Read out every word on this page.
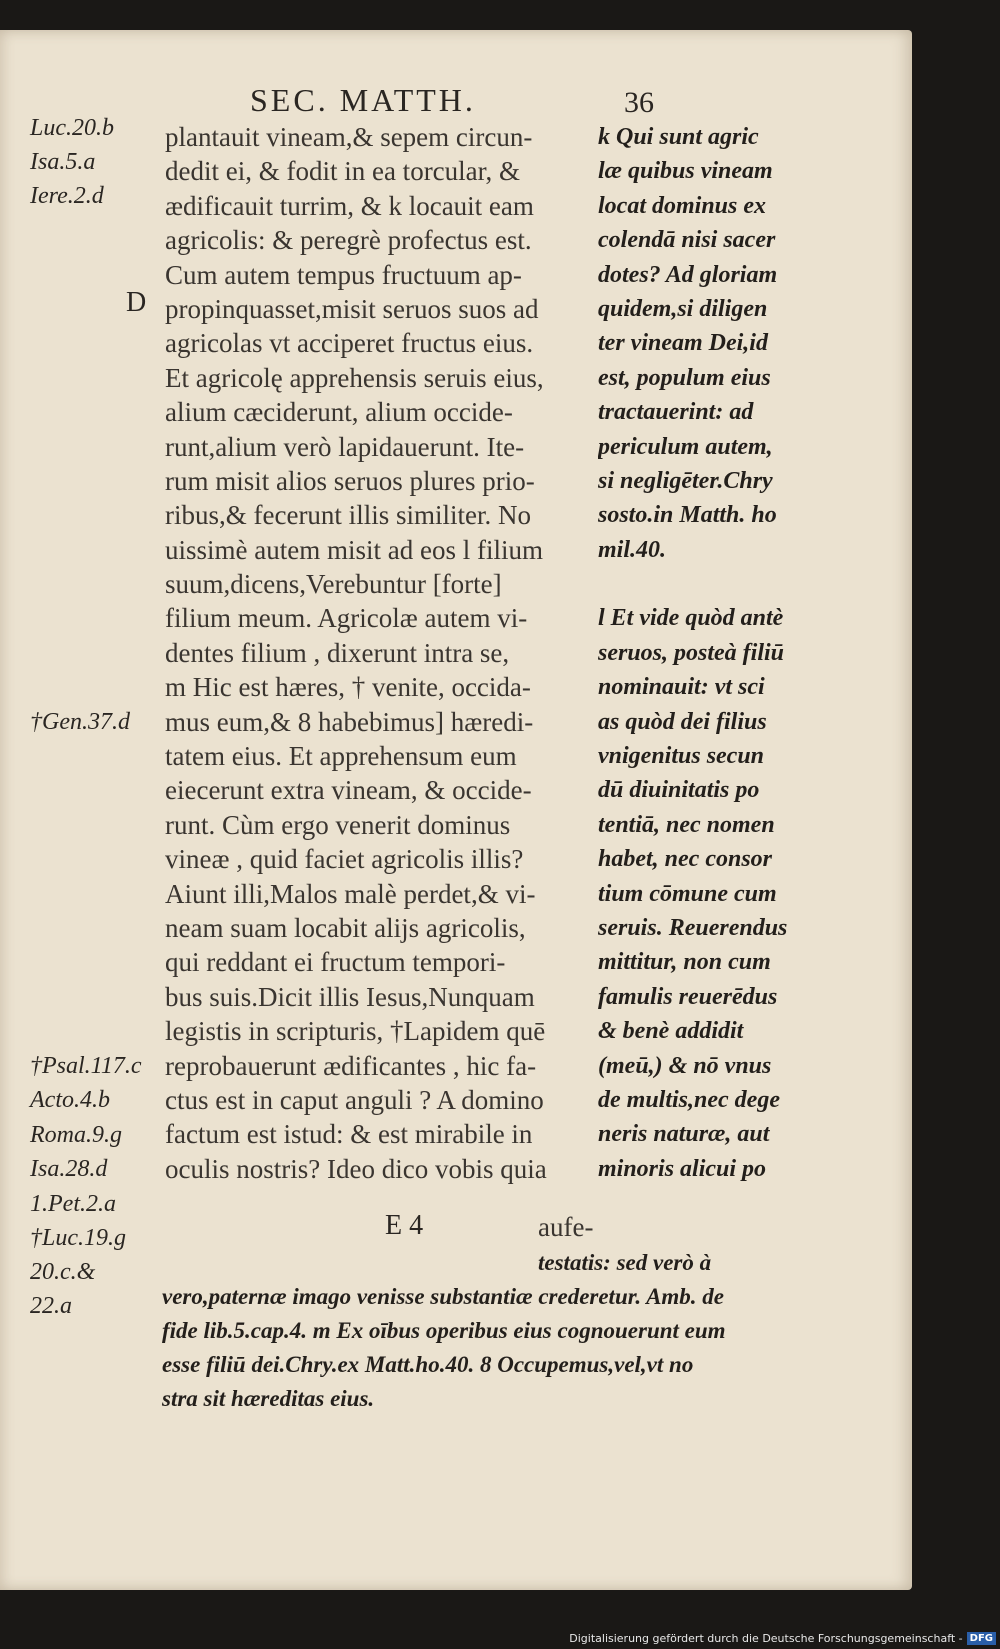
SEC. MATTH.	36
Luc.20.b
Isa.5.a
Iere.2.d
†Gen.37.d
†Psal.117.c
Acto.4.b
Roma.9.g
Isa.28.d
1.Pet.2.a
†Luc.19.g
20.c.&
22.a
D
plantauit vineam,& sepem circun-
dedit ei, & fodit in ea torcular, &
ædificauit turrim, & k locauit eam
agricolis: & peregrè profectus est.
Cum autem tempus fructuum ap-
propinquasset,misit seruos suos ad
agricolas vt acciperet fructus eius.
Et agricolę apprehensis seruis eius,
alium cæciderunt, alium occide-
runt,alium verò lapidauerunt. Ite-
rum misit alios seruos plures prio-
ribus,& fecerunt illis similiter. No
uissimè autem misit ad eos l filium
suum,dicens,Verebuntur [forte]
filium meum. Agricolæ autem vi-
dentes filium , dixerunt intra se,
m Hic est hæres, † venite, occida-
mus eum,& 8 habebimus] hæredi-
tatem eius. Et apprehensum eum
eiecerunt extra vineam, & occide-
runt. Cùm ergo venerit dominus
vineæ , quid faciet agricolis illis?
Aiunt illi,Malos malè perdet,& vi-
neam suam locabit alijs agricolis,
qui reddant ei fructum tempori-
bus suis.Dicit illis Iesus,Nunquam
legistis in scripturis, †Lapidem quē
reprobauerunt ædificantes , hic fa-
ctus est in caput anguli ? A domino
factum est istud: & est mirabile in
oculis nostris? Ideo dico vobis quia
k Qui sunt agric
læ quibus vineam
locat dominus ex
colendā nisi sacer
dotes? Ad gloriam
quidem,si diligen
ter vineam Dei,id
est, populum eius
tractauerint: ad
periculum autem,
si negligēter.Chry
sosto.in Matth. ho
mil.40.
l Et vide quòd antè
seruos, posteà filiū
nominauit: vt sci
as quòd dei filius
vnigenitus secun
dū diuinitatis po
tentiā, nec nomen
habet, nec consor
tium cōmune cum
seruis. Reuerendus
mittitur, non cum
famulis reuerēdus
& benè addidit
(meū,) & nō vnus
de multis,nec dege
neris naturæ, aut
minoris alicui po
E 4	aufe-
testatis: sed verò à
vero,paternæ imago venisse substantiæ crederetur. Amb. de
fide lib.5.cap.4. m Ex oībus operibus eius cognouerunt eum
esse filiū dei.Chry.ex Matt.ho.40. 8 Occupemus,vel,vt no
stra sit hæreditas eius.
Digitalisierung gefördert durch die Deutsche Forschungsgemeinschaft - DFG
